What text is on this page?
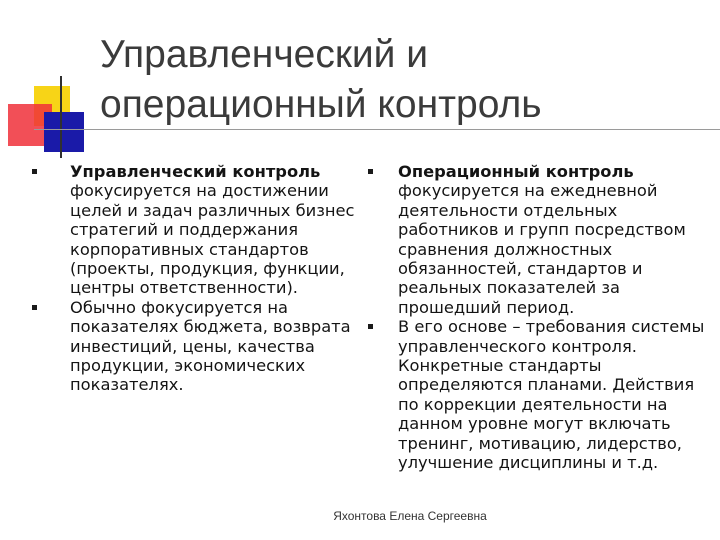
Управленческий и
операционный контроль
Управленческий контроль фокусируется на достижении целей и задач различных бизнес стратегий и поддержания корпоративных стандартов (проекты, продукция, функции, центры ответственности).
Обычно фокусируется на показателях бюджета, возврата инвестиций, цены, качества продукции, экономических показателях.
Операционный контроль фокусируется на ежедневной деятельности отдельных работников и групп посредством сравнения должностных обязанностей, стандартов и реальных показателей за прошедший период.
В его основе – требования системы управленческого контроля. Конкретные стандарты определяются планами. Действия по коррекции деятельности на данном уровне могут включать тренинг, мотивацию, лидерство, улучшение дисциплины и т.д.
Яхонтова Елена Сергеевна
